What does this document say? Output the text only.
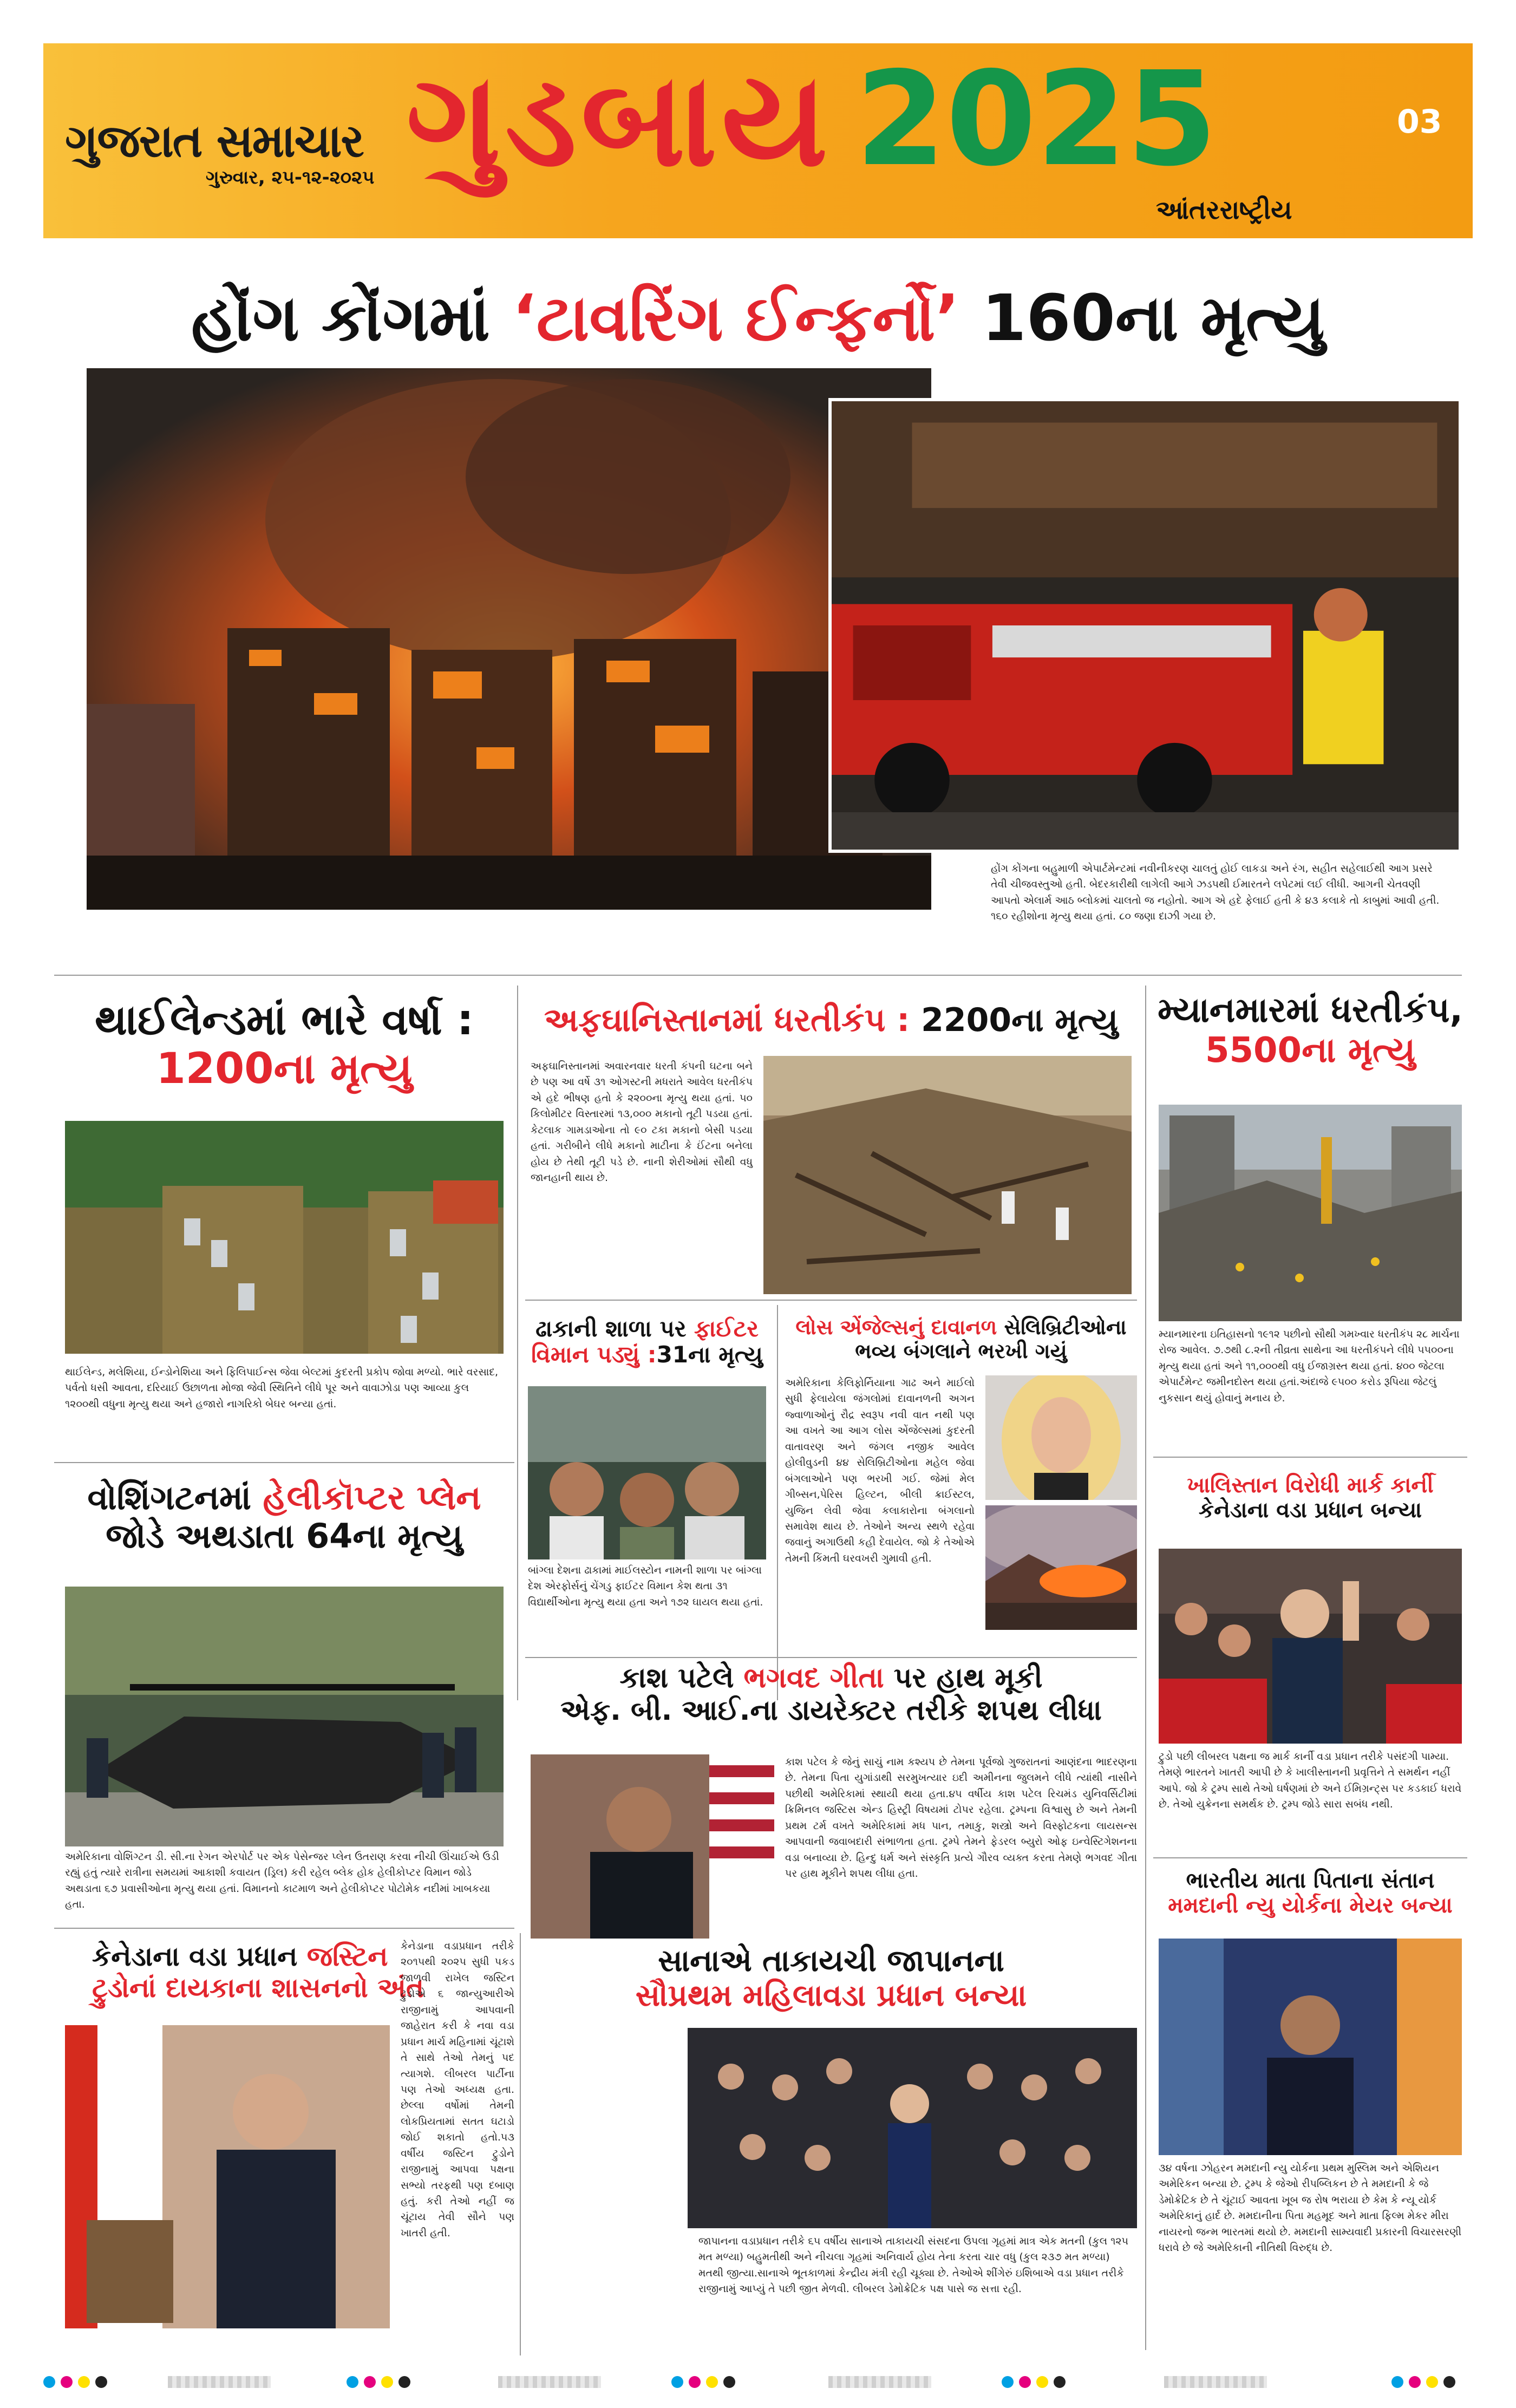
ગુજરાત સમાચાર
ગુરુવાર, ૨૫-૧૨-૨૦૨૫ ગુડબાય 2025	03
આંતરરાષ્ટ્રીય
હોંગ કોંગમાં ‘ટાવરિંગ ઈન્ફર્નો’ 160ના મૃત્યુ
હોંગ કોંગના બહુમાળી એપાર્ટમેન્ટમાં નવીનીકરણ ચાલતું હોઈ લાકડા અને રંગ, સહીત સહેલાઈથી આગ પ્રસરે તેવી ચીજવસ્તુઓ હતી. બેદરકારીથી લાગેલી આગે ઝડપથી ઈમારતને લપેટમાં લઈ લીધી. આગની ચેતવણી આપતો એલાર્મ આઠ બ્લોકમાં ચાલતો જ નહોતો. આગ એ હદે ફેલાઈ હતી કે ૪૩ કલાકે તો કાબુમાં આવી હતી. ૧૬૦ રહીશોના મૃત્યુ થયા હતાં. ૮૦ જણા દાઝી ગયા છે.
થાઈલેન્ડમાં ભારે વર્ષા :
1200ના મૃત્યુ
થાઈલેન્ડ, મલેશિયા, ઈન્ડોનેશિયા અને ફિલિપાઈન્સ જેવા બેલ્ટમાં કુદરતી પ્રકોપ જોવા મળ્યો. ભારે વરસાદ, પર્વતો ધસી આવતા, દરિયાઈ ઉછાળતા મોજા જેવી સ્થિતિને લીધે પૂર અને વાવાઝોડા પણ આવ્યા કુલ ૧૨૦૦થી વધુના મૃત્યુ થયા અને હજારો નાગરિકો બેઘર બન્યા હતાં.
અફઘાનિસ્તાનમાં ધરતીકંપ : 2200ના મૃત્યુ
અફઘાનિસ્તાનમાં અવારનવાર ધરતી કંપની ઘટના બને છે પણ આ વર્ષે ૩૧ ઓગસ્ટની મધરાતે આવેલ ધરતીકંપ એ હદે ભીષણ હતો કે ૨૨૦૦ના મૃત્યુ થયા હતાં. ૫૦ કિલોમીટર વિસ્તારમાં ૧૩,૦૦૦ મકાનો તૂટી પડયા હતાં. કેટલાક ગામડાઓના તો ૯૦ ટકા મકાનો બેસી પડયા હતાં. ગરીબીને લીધે મકાનો માટીના કે ઈંટના બનેલા હોય છે તેથી તૂટી પડે છે. નાની શેરીઓમાં સૌથી વધુ જાનહાની થાય છે.
મ્યાનમારમાં ધરતીકંપ,
5500ના મૃત્યુ
મ્યાનમારના ઇતિહાસનો ૧૯૧૨ પછીનો સૌથી ગમખ્વાર ધરતીકંપ ૨૮ માર્ચના રોજ આવેલ. ૭.૭થી ૮.૨ની તીવ્રતા સાથેના આ ધરતીકંપને લીધે ૫૫૦૦ના મૃત્યુ થયા હતાં અને ૧૧,૦૦૦થી વધુ ઈજાગ્રસ્ત થયા હતાં. ૪૦૦ જેટલા એપાર્ટમેન્ટ જમીનદોસ્ત થયા હતાં.અંદાજે ૯૫૦૦ કરોડ રૂપિયા જેટલું નુકસાન થયું હોવાનું મનાય છે.
ઢાકાની શાળા પર ફાઈટર
વિમાન પડ્યું :31ના મૃત્યુ
બાંગ્લા દેશના ઢાકામાં માઈલસ્ટોન નામની શાળા પર બાંગ્લા દેશ એરફોર્સનું ચેંગડુ ફાઈટર વિમાન કેશ થતા ૩૧ વિદ્યાર્થીઓના મૃત્યુ થયા હતા અને ૧૭૨ ઘાયલ થયા હતાં.
લોસ એંજેલ્સનું દાવાનળ સેલિબ્રિટીઓના
ભવ્ય બંગલાને ભરખી ગયું
અમેરિકાના કેલિફોર્નિયાના ગાઢ અને માઈલો સુધી ફેલાયેલા જંગલોમાં દાવાનળની અગન જ્વાળાઓનું રૌદ્ર સ્વરૂપ નવી વાત નથી પણ આ વખતે આ આગ લોસ એંજેલ્સમાં કુદરતી વાતાવરણ અને જંગલ નજીક આવેલ હોલીવુડની ૪૪ સેલિબ્રિટીઓના મહેલ જેવા બંગલાઓને પણ ભરખી ગઈ. જેમાં મેલ ગીબ્સન,પેરિસ હિલ્ટન, બીલી ક્રાઈસ્ટલ, યુજિન લેવી જેવા કલાકારોના બંગલાનો સમાવેશ થાય છે. તેઓને અન્ય સ્થળે રહેવા જવાનું અગાઉથી કહી દેવાયેલ. જો કે તેઓએ તેમની કિંમતી ઘરવખરી ગુમાવી હતી.
વોશિંગટનમાં હેલીકૉપ્ટર પ્લેન
જોડે અથડાતા 64ના મૃત્યુ
અમેરિકાના વોશિંગ્ટન ડી. સી.ના રેગન એરપોર્ટ પર એક પેસેન્જર પ્લેન ઉતરાણ કરવા નીચી ઊંચાઈએ ઉડી રહ્યું હતું ત્યારે રાત્રીના સમયમાં આકાશી કવાયત (ડ્રિલ) કરી રહેલ બ્લેક હોક હેલીકોપ્ટર વિમાન જોડે અથડાતા ૬૭ પ્રવાસીઓના મૃત્યુ થયા હતાં. વિમાનનો કાટમાળ અને હેલીકોપ્ટર પોટોમેક નદીમાં ખાબકયા હતા.
ખાલિસ્તાન વિરોધી માર્ક કાર્ની
કેનેડાના વડા પ્રધાન બન્યા
ટ્રુડો પછી લીબરલ પક્ષના જ માર્ક કાર્ની વડા પ્રધાન તરીકે પસંદગી પામ્યા. તેમણે ભારતને ખાતરી આપી છે કે ખાલીસ્તાનની પ્રવૃત્તિને તે સમર્થન નહીં આપે. જો કે ટ્રમ્પ સાથે તેઓ ઘર્ષણમાં છે અને ઈમિગ્રન્ટ્સ પર કડકાઈ ધરાવે છે. તેઓ યુક્રેનના સમર્થક છે. ટ્રમ્પ જોડે સારા સબંધ નથી.
કાશ પટેલે ભગવદ ગીતા પર હાથ મૂકી
એફ. બી. આઈ.ના ડાયરેક્ટર તરીકે શપથ લીધા
કાશ પટેલ કે જેનું સાચું નામ કશ્યપ છે તેમના પૂર્વજો ગુજરાતનાં આણંદના ભાદરણના છે. તેમના પિતા યુગાંડાથી સરમુખત્યાર ઇદી અમીનના જુલમને લીધે ત્યાંથી નાસીને પછીથી અમેરિકામાં સ્થાયી થયા હતા.૪૫ વર્ષીય કાશ પટેલ રિચમંડ યુનિવર્સિટીમાં ક્રિમિનલ જસ્ટિસ એન્ડ હિસ્ટ્રી વિષયમાં ટોપર રહેલા. ટ્રમ્પના વિશ્વાસુ છે અને તેમની પ્રથમ ટર્મ વખતે અમેરિકામાં મધ પાન, તમાકુ, શસ્ત્રો અને વિસ્ફોટકના લાયસન્સ આપવાની જવાબદારી સંભાળતા હતા. ટ્રમ્પે તેમને ફેડરલ બ્યુરો ઓફ ઇન્વેસ્ટિગેશનના વડા બનાવ્યા છે. હિન્દુ ધર્મ અને સંસ્કૃતિ પ્રત્યે ગૌરવ વ્યક્ત કરતા તેમણે ભગવદ ગીતા પર હાથ મૂકીને શપથ લીધા હતા.	ભારતીય માતા પિતાના સંતાન
મમદાની ન્યુ યોર્કના મેયર બન્યા
૩૪ વર્ષના ઝોહરન મમદાની ન્યુ યોર્કના પ્રથમ મુસ્લિમ અને એશિયન અમેરિકન બન્યા છે. ટ્રમ્પ કે જેઓ રીપબ્લિકન છે તે મમદાની કે જે ડેમોક્રેટિક છે તે ચૂંટાઈ આવતા ખૂબ જ રોષ ભરાયા છે કેમ કે ન્યૂ યોર્ક અમેરિકાનું હાર્દ છે. મમદાનીના પિતા મહમૂદ અને માતા ફિલ્મ મેકર મીરા નાયરનો જન્મ ભારતમાં થયો છે. મમદાની સામ્યવાદી પ્રકારની વિચારસરણી ધરાવે છે જે અમેરિકાની નીતિથી વિરુદ્ધ છે.
કેનેડાના વડા પ્રધાન જસ્ટિન
ટ્રુડોનાં દાયકાના શાસનનો અંત
કેનેડાના વડાપ્રધાન તરીકે ૨૦૧૫થી ૨૦૨૫ સુધી પકડ જાળવી રાખેલ જસ્ટિન ટ્રુડોએ ૬ જાન્યુઆરીએ રાજીનામું આપવાની જાહેરાત કરી કે નવા વડા પ્રધાન માર્ચ મહિનામાં ચૂંટાશે તે સાથે તેઓ તેમનું પદ ત્યાગશે. લીબરલ પાર્ટીના પણ તેઓ અધ્યક્ષ હતા. છેલ્લા વર્ષોમાં તેમની લોકપ્રિયતામાં સતત ઘટાડો જોઈ શકાતો હતો.૫૩ વર્ષીય જસ્ટિન ટ્રુડોને રાજીનામું આપવા પક્ષના સભ્યો તરફથી પણ દબાણ હતું. કરી તેઓ નહીં જ ચૂંટાય તેવી સૌને પણ ખાતરી હતી.
સાનાએ તાકાયચી જાપાનના
સૌપ્રથમ મહિલાવડા પ્રધાન બન્યા
જાપાનના વડાપ્રધાન તરીકે ૬૫ વર્ષીય સાનાએ તાકાયચી સંસદના ઉપલા ગૃહમાં માત્ર એક મતની (કુલ ૧૨૫ મત મળ્યા) બહુમતીથી અને નીચલા ગૃહમાં અનિવાર્ય હોય તેના કરતા ચાર વધુ (કુલ ૨૩૭ મત મળ્યા) મતથી જીત્યા.સાનાએ ભૂતકાળમાં કેન્દ્રીય મંત્રી રહી ચૂક્યા છે. તેઓએ શીંગેરું ઇશિબાએ વડા પ્રધાન તરીકે રાજીનામું આપ્યું તે પછી જીત મેળવી. લીબરલ ડેમોક્રેટિક પક્ષ પાસે જ સત્તા રહી.
